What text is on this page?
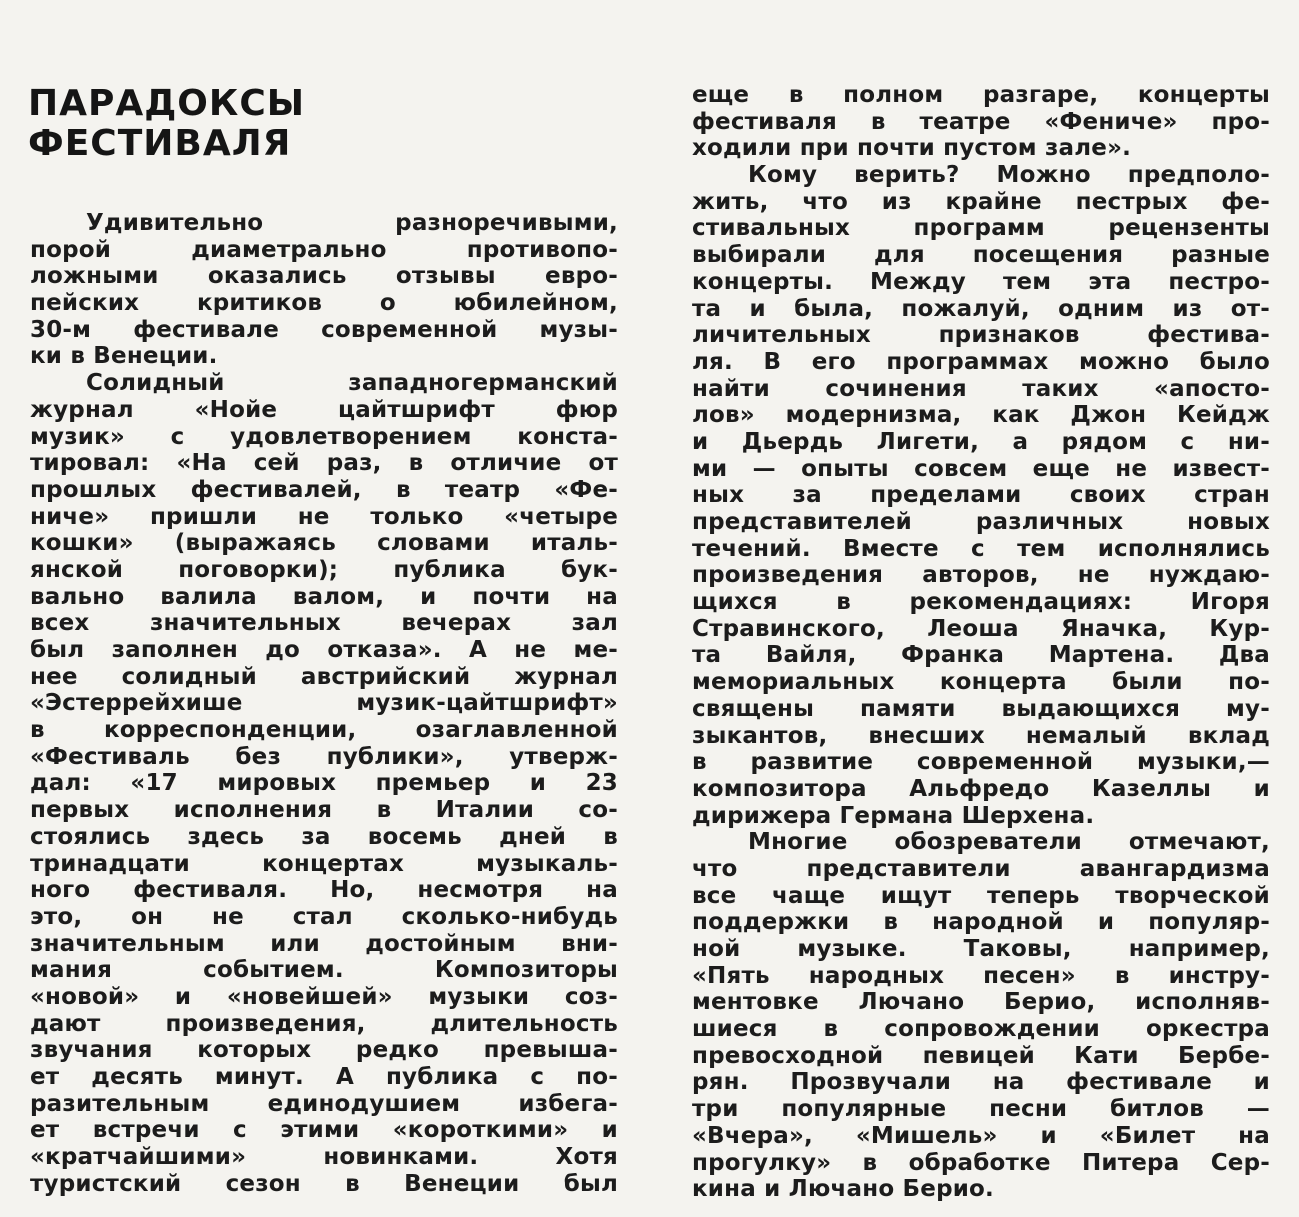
ПАРАДОКСЫ
ФЕСТИВАЛЯ
Удивительно разноречивыми,
порой диаметрально противопо-
ложными оказались отзывы евро-
пейских критиков о юбилейном,
30-м фестивале современной музы-
ки в Венеции.
Солидный западногерманский
журнал «Нойе цайтшрифт фюр
музик» с удовлетворением конста-
тировал: «На сей раз, в отличие от
прошлых фестивалей, в театр «Фе-
ниче» пришли не только «четыре
кошки» (выражаясь словами италь-
янской поговорки); публика бук-
вально валила валом, и почти на
всех значительных вечерах зал
был заполнен до отказа». А не ме-
нее солидный австрийский журнал
«Эстеррейхише музик-цайтшрифт»
в корреспонденции, озаглавленной
«Фестиваль без публики», утверж-
дал: «17 мировых премьер и 23
первых исполнения в Италии со-
стоялись здесь за восемь дней в
тринадцати концертах музыкаль-
ного фестиваля. Но, несмотря на
это, он не стал сколько-нибудь
значительным или достойным вни-
мания событием. Композиторы
«новой» и «новейшей» музыки соз-
дают произведения, длительность
звучания которых редко превыша-
ет десять минут. А публика с по-
разительным единодушием избега-
ет встречи с этими «короткими» и
«кратчайшими» новинками. Хотя
туристский сезон в Венеции был
еще в полном разгаре, концерты
фестиваля в театре «Фениче» про-
ходили при почти пустом зале».
Кому верить? Можно предполо-
жить, что из крайне пестрых фе-
стивальных программ рецензенты
выбирали для посещения разные
концерты. Между тем эта пестро-
та и была, пожалуй, одним из от-
личительных признаков фестива-
ля. В его программах можно было
найти сочинения таких «апосто-
лов» модернизма, как Джон Кейдж
и Дьердь Лигети, а рядом с ни-
ми — опыты совсем еще не извест-
ных за пределами своих стран
представителей различных новых
течений. Вместе с тем исполнялись
произведения авторов, не нуждаю-
щихся в рекомендациях: Игоря
Стравинского, Леоша Яначка, Кур-
та Вайля, Франка Мартена. Два
мемориальных концерта были по-
священы памяти выдающихся му-
зыкантов, внесших немалый вклад
в развитие современной музыки,—
композитора Альфредо Казеллы и
дирижера Германа Шерхена.
Многие обозреватели отмечают,
что представители авангардизма
все чаще ищут теперь творческой
поддержки в народной и популяр-
ной музыке. Таковы, например,
«Пять народных песен» в инстру-
ментовке Лючано Берио, исполняв-
шиеся в сопровождении оркестра
превосходной певицей Кати Бербе-
рян. Прозвучали на фестивале и
три популярные песни битлов —
«Вчера», «Мишель» и «Билет на
прогулку» в обработке Питера Сер-
кина и Лючано Берио.
